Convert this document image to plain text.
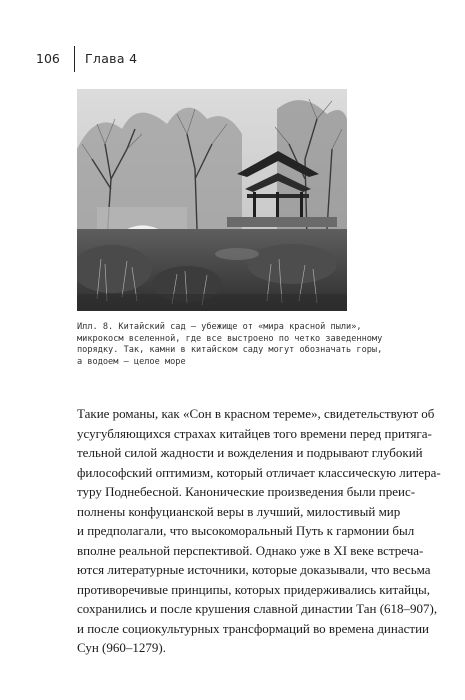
106 Глава 4

Илл. 8. Китайский сад — убежище от «мира красной пыли»,

микрокосм вселенной, где все выстроено по четко заведенному

порядку. Так, камни в китайском саду могут обозначать горы,

а водоем — целое море

Такие романы, как «Сон в красном тереме», свидетельствуют об

усугубляющихся страхах китайцев того времени перед притяга-

тельной силой жадности и вожделения и подрывают глубокий

философский оптимизм, который отличает классическую литера-

туру Поднебесной. Канонические произведения были преис-

полнены конфуцианской веры в лучший, милостивый мир

и предполагали, что высокоморальный Путь к гармонии был

вполне реальной перспективой. Однако уже в XI веке встреча-

ются литературные источники, которые доказывали, что весьма

противоречивые принципы, которых придерживались китайцы,

сохранились и после крушения славной династии Тан (618–907),

и после социокультурных трансформаций во времена династии

Сун (960–1279).
